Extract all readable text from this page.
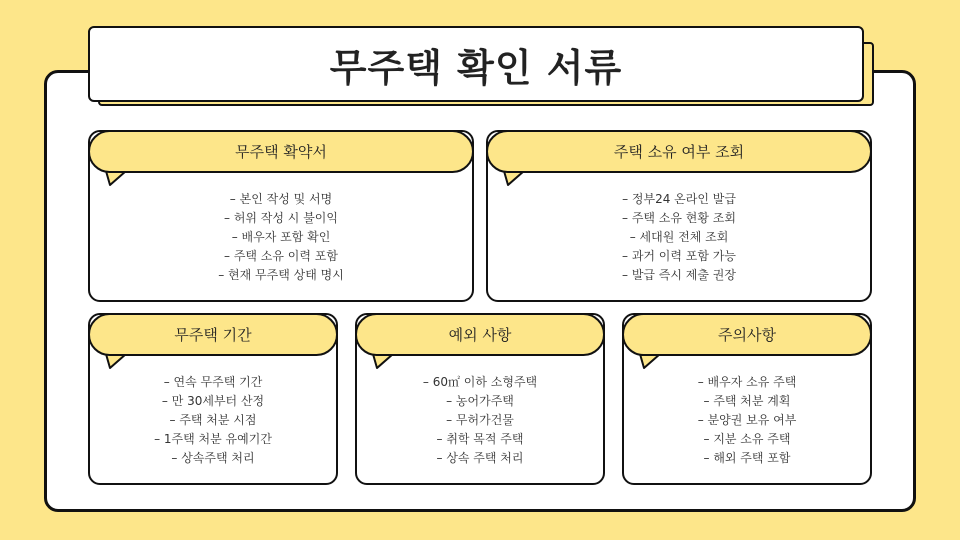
무주택 확인 서류
무주택 확약서
– 본인 작성 및 서명
– 허위 작성 시 불이익
– 배우자 포함 확인
– 주택 소유 이력 포함
– 현재 무주택 상태 명시
주택 소유 여부 조회
– 정부24 온라인 발급
– 주택 소유 현황 조회
– 세대원 전체 조회
– 과거 이력 포함 가능
– 발급 즉시 제출 권장
무주택 기간
– 연속 무주택 기간
– 만 30세부터 산정
– 주택 처분 시점
– 1주택 처분 유예기간
– 상속주택 처리
예외 사항
– 60㎡ 이하 소형주택
– 농어가주택
– 무허가건물
– 취학 목적 주택
– 상속 주택 처리
주의사항
– 배우자 소유 주택
– 주택 처분 계획
– 분양권 보유 여부
– 지분 소유 주택
– 해외 주택 포함
